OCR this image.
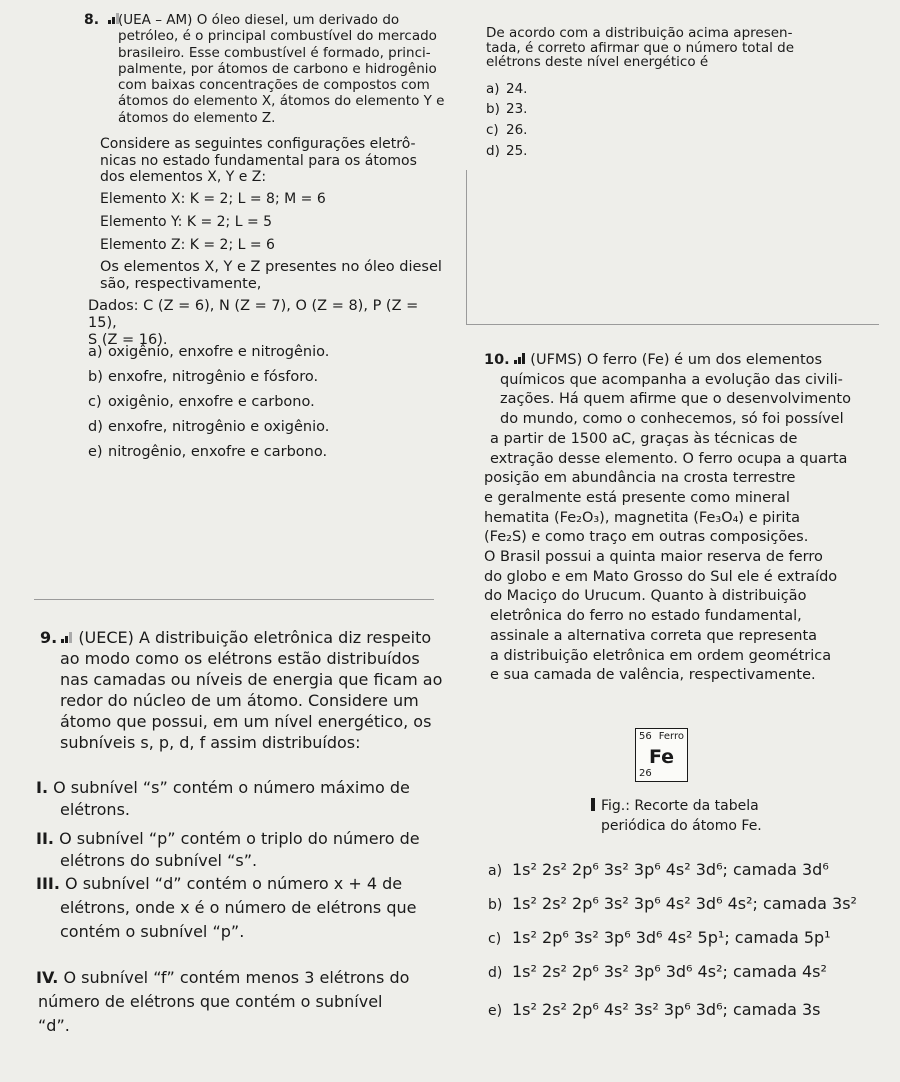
8.	(UEA – AM) O óleo diesel, um derivado do

petróleo, é o principal combustível do mercado

brasileiro. Esse combustível é formado, princi-

palmente, por átomos de carbono e hidrogênio

com baixas concentrações de compostos com

átomos do elemento X, átomos do elemento Y e

átomos do elemento Z.

Considere as seguintes configurações eletrô-

nicas no estado fundamental para os átomos

dos elementos X, Y e Z:

Elemento X: K = 2; L = 8; M = 6
Elemento Y: K = 2; L = 5
Elemento Z: K = 2; L = 6

Os elementos X, Y e Z presentes no óleo diesel

são, respectivamente,

Dados: C (Z = 6), N (Z = 7), O (Z = 8), P (Z = 15),

S (Z = 16).

a) oxigênio, enxofre e nitrogênio.
b) enxofre, nitrogênio e fósforo.
c) oxigênio, enxofre e carbono.
d) enxofre, nitrogênio e oxigênio.
e) nitrogênio, enxofre e carbono.

De acordo com a distribuição acima apresen-

tada, é correto afirmar que o número total de

elétrons deste nível energético é

a) 24.
b) 23.
c) 26.
d) 25.

10. (UFMS) O ferro (Fe) é um dos elementos

químicos que acompanha a evolução das civili-

zações. Há quem afirme que o desenvolvimento

do mundo, como o conhecemos, só foi possível

a partir de 1500 aC, graças às técnicas de

extração desse elemento. O ferro ocupa a quarta

posição em abundância na crosta terrestre

e geralmente está presente como mineral

hematita (Fe₂O₃), magnetita (Fe₃O₄) e pirita

(Fe₂S) e como traço em outras composições.

O Brasil possui a quinta maior reserva de ferro

do globo e em Mato Grosso do Sul ele é extraído

do Maciço do Urucum. Quanto à distribuição

eletrônica do ferro no estado fundamental,

assinale a alternativa correta que representa

a distribuição eletrônica em ordem geométrica

e sua camada de valência, respectivamente.

9. (UECE) A distribuição eletrônica diz respeito

ao modo como os elétrons estão distribuídos

nas camadas ou níveis de energia que ficam ao

redor do núcleo de um átomo. Considere um

átomo que possui, em um nível energético, os

subníveis s, p, d, f assim distribuídos:

I. O subnível “s” contém o número máximo de
elétrons.
II. O subnível “p” contém o triplo do número de
elétrons do subnível “s”.
III. O subnível “d” contém o número x + 4 de
elétrons, onde x é o número de elétrons que
contém o subnível “p”.
IV. O subnível “f” contém menos 3 elétrons do
número de elétrons que contém o subnível
“d”.
56 Ferro
Fe
26
Fig.: Recorte da tabela
periódica do átomo Fe.
a) 1s² 2s² 2p⁶ 3s² 3p⁶ 4s² 3d⁶; camada 3d⁶
b) 1s² 2s² 2p⁶ 3s² 3p⁶ 4s² 3d⁶ 4s²; camada 3s²
c) 1s² 2p⁶ 3s² 3p⁶ 3d⁶ 4s² 5p¹; camada 5p¹
d) 1s² 2s² 2p⁶ 3s² 3p⁶ 3d⁶ 4s²; camada 4s²
e) 1s² 2s² 2p⁶ 4s² 3s² 3p⁶ 3d⁶; camada 3s
